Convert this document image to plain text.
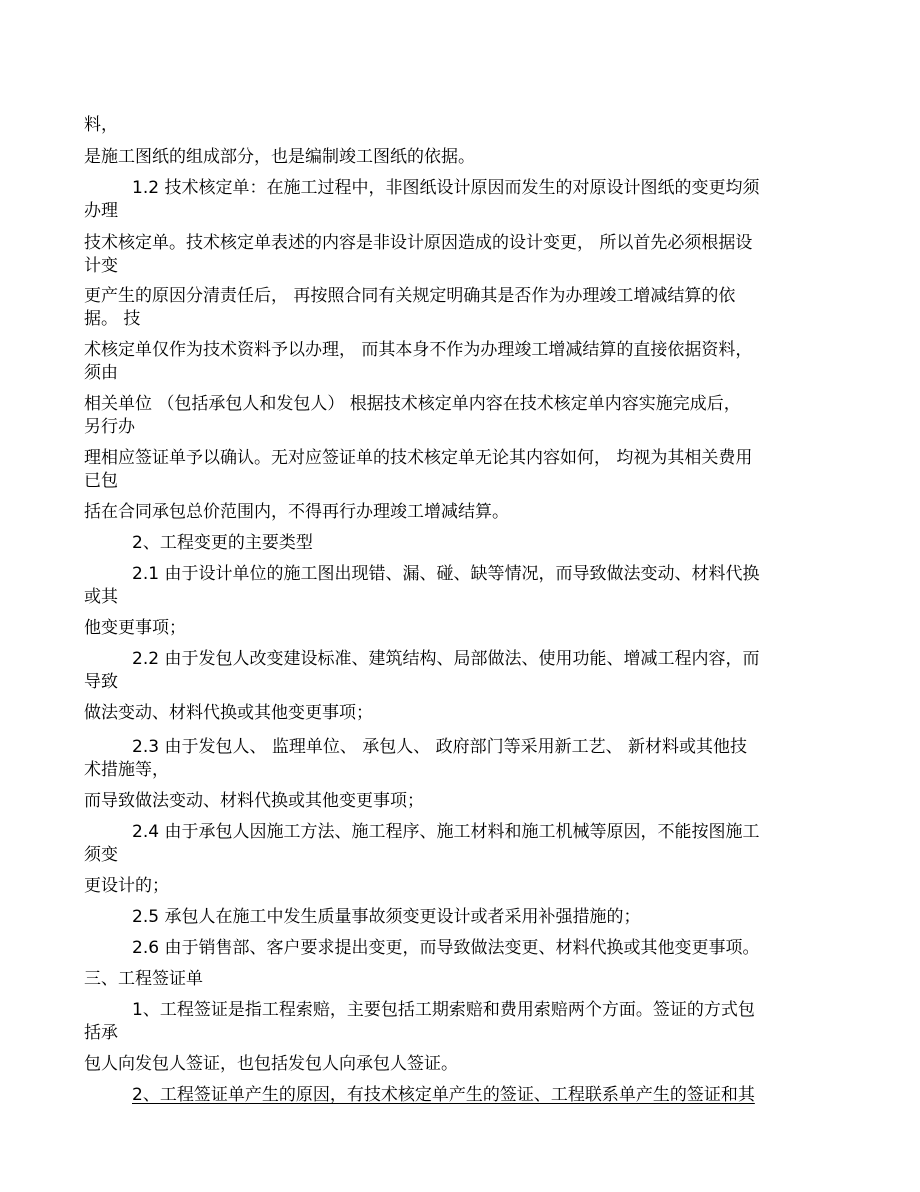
料，
是施工图纸的组成部分，也是编制竣工图纸的依据。
1.2 技术核定单：在施工过程中，非图纸设计原因而发生的对原设计图纸的变更均须
办理
技术核定单。技术核定单表述的内容是非设计原因造成的设计变更， 所以首先必须根据设
计变
更产生的原因分清责任后， 再按照合同有关规定明确其是否作为办理竣工增减结算的依
据。 技
术核定单仅作为技术资料予以办理， 而其本身不作为办理竣工增减结算的直接依据资料，
须由
相关单位 （包括承包人和发包人） 根据技术核定单内容在技术核定单内容实施完成后，
另行办
理相应签证单予以确认。无对应签证单的技术核定单无论其内容如何， 均视为其相关费用
已包
括在合同承包总价范围内，不得再行办理竣工增减结算。
2、工程变更的主要类型
2.1 由于设计单位的施工图出现错、漏、碰、缺等情况，而导致做法变动、材料代换
或其
他变更事项；
2.2 由于发包人改变建设标准、建筑结构、局部做法、使用功能、增减工程内容，而
导致
做法变动、材料代换或其他变更事项；
2.3 由于发包人、 监理单位、 承包人、 政府部门等采用新工艺、 新材料或其他技
术措施等，
而导致做法变动、材料代换或其他变更事项；
2.4 由于承包人因施工方法、施工程序、施工材料和施工机械等原因，不能按图施工
须变
更设计的；
2.5 承包人在施工中发生质量事故须变更设计或者采用补强措施的；
2.6 由于销售部、客户要求提出变更，而导致做法变更、材料代换或其他变更事项。
三、工程签证单
1、工程签证是指工程索赔，主要包括工期索赔和费用索赔两个方面。签证的方式包
括承
包人向发包人签证，也包括发包人向承包人签证。
2、工程签证单产生的原因，有技术核定单产生的签证、工程联系单产生的签证和其
